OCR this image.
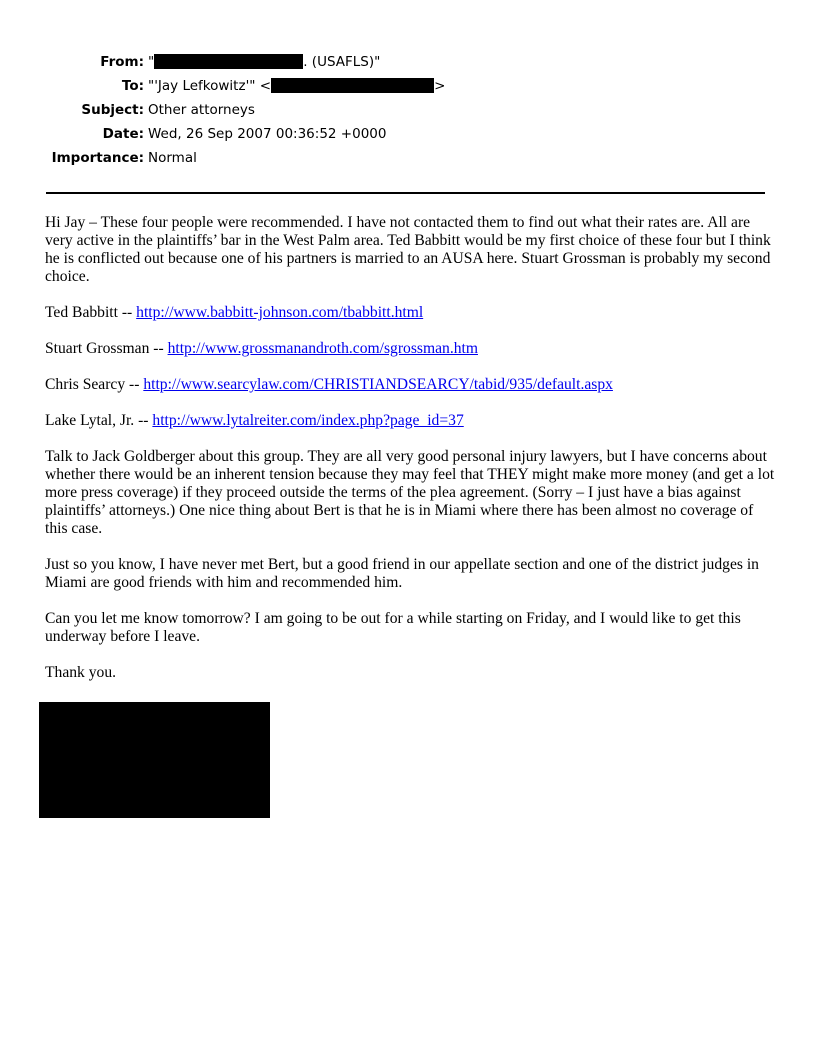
From: "	. (USAFLS)"
To: "'Jay Lefkowitz'" <	>
Subject: Other attorneys
Date: Wed, 26 Sep 2007 00:36:52 +0000
Importance: Normal

Hi Jay – These four people were recommended. I have not contacted them to find out what their rates are. All are very active in the plaintiffs’ bar in the West Palm area. Ted Babbitt would be my first choice of these four but I think he is conflicted out because one of his partners is married to an AUSA here. Stuart Grossman is probably my second choice.

Ted Babbitt -- http://www.babbitt-johnson.com/tbabbitt.html

Stuart Grossman -- http://www.grossmanandroth.com/sgrossman.htm

Chris Searcy -- http://www.searcylaw.com/CHRISTIANDSEARCY/tabid/935/default.aspx

Lake Lytal, Jr. -- http://www.lytalreiter.com/index.php?page_id=37

Talk to Jack Goldberger about this group. They are all very good personal injury lawyers, but I have concerns about whether there would be an inherent tension because they may feel that THEY might make more money (and get a lot more press coverage) if they proceed outside the terms of the plea agreement. (Sorry – I just have a bias against plaintiffs’ attorneys.) One nice thing about Bert is that he is in Miami where there has been almost no coverage of this case.

Just so you know, I have never met Bert, but a good friend in our appellate section and one of the district judges in Miami are good friends with him and recommended him.

Can you let me know tomorrow? I am going to be out for a while starting on Friday, and I would like to get this underway before I leave.

Thank you.
